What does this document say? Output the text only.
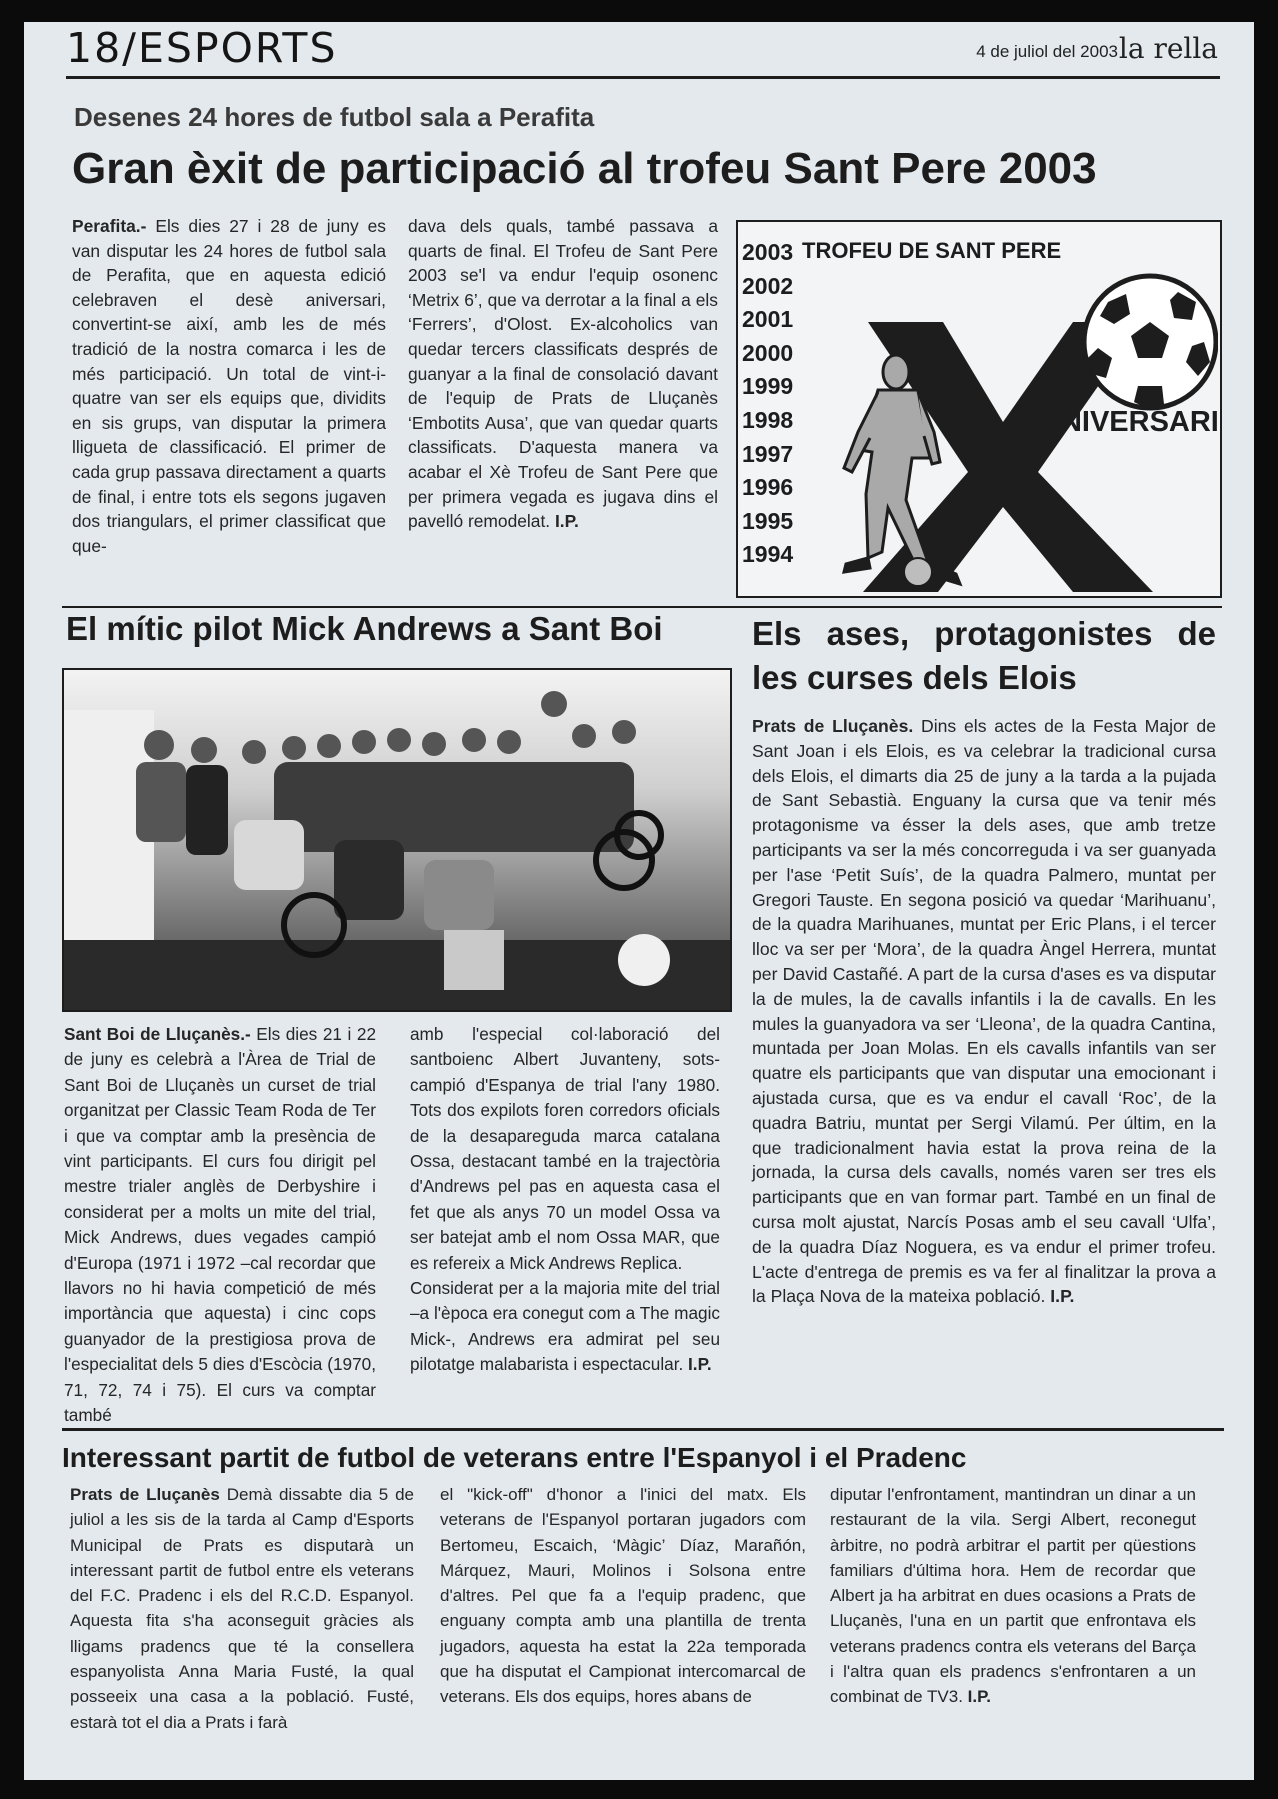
18/ESPORTS	4 de juliol del 2003 la rella
Desenes 24 hores de futbol sala a Perafita
Gran èxit de participació al trofeu Sant Pere 2003

Perafita.- Els dies 27 i 28 de juny es van disputar les 24 hores de futbol sala de Perafita, que en aquesta edició celebraven el desè aniversari, convertint-se així, amb les de més tradició de la nostra comarca i les de més participació. Un total de vint-i-quatre van ser els equips que, dividits en sis grups, van disputar la primera lligueta de classificació. El primer de cada grup passava directament a quarts de final, i entre tots els segons jugaven dos triangulars, el primer classificat que que-

dava dels quals, també passava a quarts de final. El Trofeu de Sant Pere 2003 se'l va endur l'equip osonenc ‘Metrix 6’, que va derrotar a la final a els ‘Ferrers’, d'Olost. Ex-alcoholics van quedar tercers classificats després de guanyar a la final de consolació davant de l'equip de Prats de Lluçanès ‘Embotits Ausa’, que van quedar quarts classificats. D'aquesta manera va acabar el Xè Trofeu de Sant Pere que per primera vegada es jugava dins el pavelló remodelat. I.P.

2003
2002
2001
2000
1999
1998
1997
1996
1995
1994
TROFEU DE SANT PERE
ANIVERSARI
El mític pilot Mick Andrews a Sant Boi

Sant Boi de Lluçanès.- Els dies 21 i 22 de juny es celebrà a l'Àrea de Trial de Sant Boi de Lluçanès un curset de trial organitzat per Classic Team Roda de Ter i que va comptar amb la presència de vint participants. El curs fou dirigit pel mestre trialer anglès de Derbyshire i considerat per a molts un mite del trial, Mick Andrews, dues vegades campió d'Europa (1971 i 1972 –cal recordar que llavors no hi havia competició de més importància que aquesta) i cinc cops guanyador de la prestigiosa prova de l'especialitat dels 5 dies d'Escòcia (1970, 71, 72, 74 i 75). El curs va comptar també

amb l'especial col·laboració del santboienc Albert Juvanteny, sots-campió d'Espanya de trial l'any 1980. Tots dos expilots foren corredors oficials de la desapareguda marca catalana Ossa, destacant també en la trajectòria d'Andrews pel pas en aquesta casa el fet que als anys 70 un model Ossa va ser batejat amb el nom Ossa MAR, que es refereix a Mick Andrews Replica.

Considerat per a la majoria mite del trial –a l'època era conegut com a The magic Mick-, Andrews era admirat pel seu pilotatge malabarista i espectacular. I.P.

Els ases, protagonistes de
les curses dels Elois

Prats de Lluçanès. Dins els actes de la Festa Major de Sant Joan i els Elois, es va celebrar la tradicional cursa dels Elois, el dimarts dia 25 de juny a la tarda a la pujada de Sant Sebastià. Enguany la cursa que va tenir més protagonisme va ésser la dels ases, que amb tretze participants va ser la més concorreguda i va ser guanyada per l'ase ‘Petit Suís’, de la quadra Palmero, muntat per Gregori Tauste. En segona posició va quedar ‘Marihuanu’, de la quadra Marihuanes, muntat per Eric Plans, i el tercer lloc va ser per ‘Mora’, de la quadra Àngel Herrera, muntat per David Castañé. A part de la cursa d'ases es va disputar la de mules, la de cavalls infantils i la de cavalls. En les mules la guanyadora va ser ‘Lleona’, de la quadra Cantina, muntada per Joan Molas. En els cavalls infantils van ser quatre els participants que van disputar una emocionant i ajustada cursa, que es va endur el cavall ‘Roc’, de la quadra Batriu, muntat per Sergi Vilamú. Per últim, en la que tradicionalment havia estat la prova reina de la jornada, la cursa dels cavalls, només varen ser tres els participants que en van formar part. També en un final de cursa molt ajustat, Narcís Posas amb el seu cavall ‘Ulfa’, de la quadra Díaz Noguera, es va endur el primer trofeu. L'acte d'entrega de premis es va fer al finalitzar la prova a la Plaça Nova de la mateixa població. I.P.

Interessant partit de futbol de veterans entre l'Espanyol i el Pradenc

Prats de Lluçanès Demà dissabte dia 5 de juliol a les sis de la tarda al Camp d'Esports Municipal de Prats es disputarà un interessant partit de futbol entre els veterans del F.C. Pradenc i els del R.C.D. Espanyol. Aquesta fita s'ha aconseguit gràcies als lligams pradencs que té la consellera espanyolista Anna Maria Fusté, la qual posseeix una casa a la població. Fusté, estarà tot el dia a Prats i farà

el "kick-off" d'honor a l'inici del matx. Els veterans de l'Espanyol portaran jugadors com Bertomeu, Escaich, ‘Màgic’ Díaz, Marañón, Márquez, Mauri, Molinos i Solsona entre d'altres. Pel que fa a l'equip pradenc, que enguany compta amb una plantilla de trenta jugadors, aquesta ha estat la 22a temporada que ha disputat el Campionat intercomarcal de veterans. Els dos equips, hores abans de

diputar l'enfrontament, mantindran un dinar a un restaurant de la vila. Sergi Albert, reconegut àrbitre, no podrà arbitrar el partit per qüestions familiars d'última hora. Hem de recordar que Albert ja ha arbitrat en dues ocasions a Prats de Lluçanès, l'una en un partit que enfrontava els veterans pradencs contra els veterans del Barça i l'altra quan els pradencs s'enfrontaren a un combinat de TV3. I.P.
